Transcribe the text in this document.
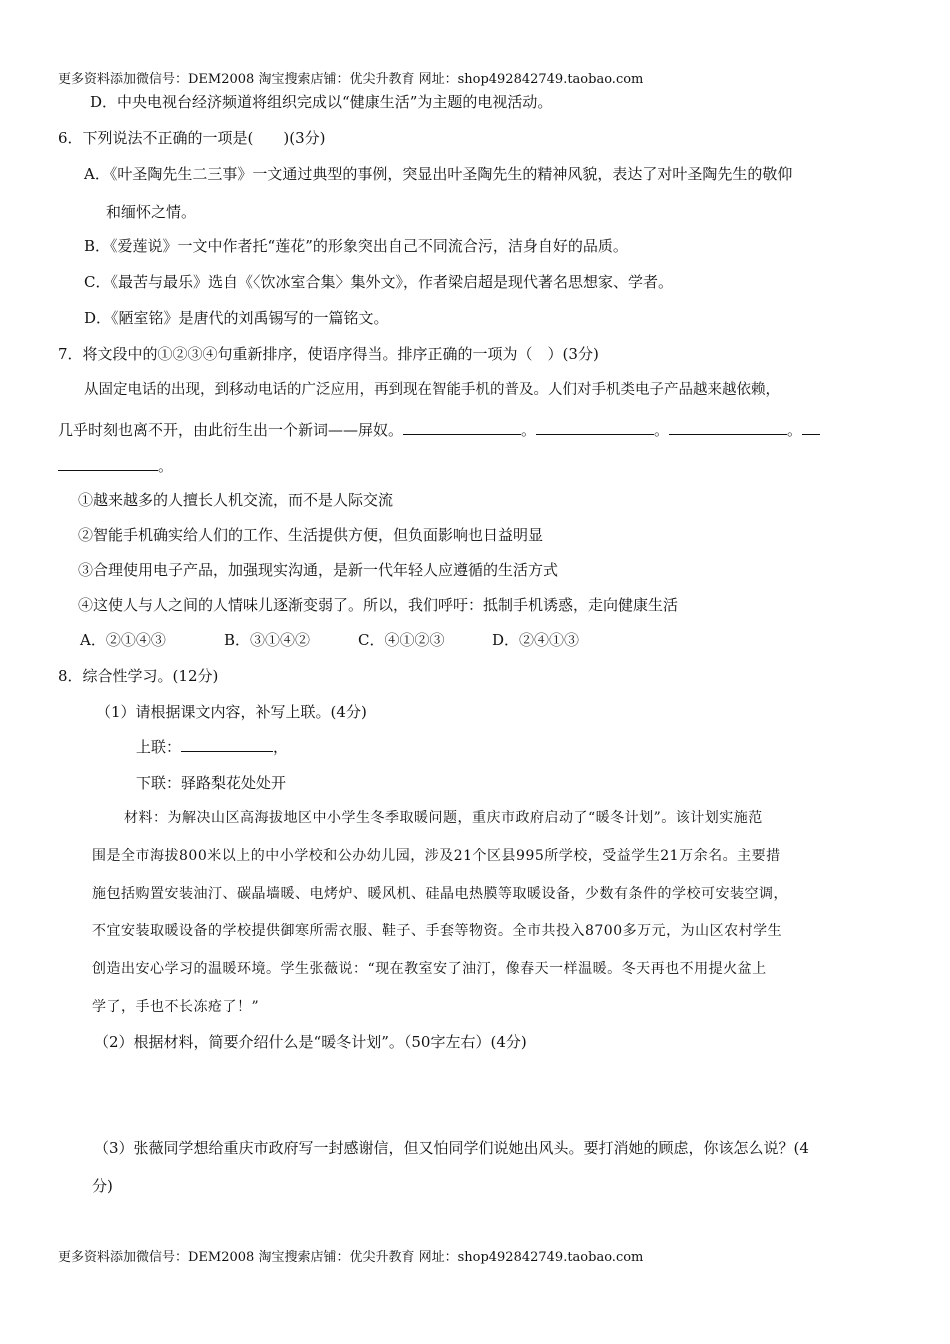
更多资料添加微信号：DEM2008 淘宝搜索店铺：优尖升教育 网址：shop492842749.taobao.com
D．中央电视台经济频道将组织完成以“健康生活”为主题的电视活动。
6．下列说法不正确的一项是(　　)(3分)
A．《叶圣陶先生二三事》一文通过典型的事例，突显出叶圣陶先生的精神风貌，表达了对叶圣陶先生的敬仰
和缅怀之情。
B．《爱莲说》一文中作者托“莲花”的形象突出自己不同流合污，洁身自好的品质。
C．《最苦与最乐》选自《〈饮冰室合集〉集外文》，作者梁启超是现代著名思想家、学者。
D．《陋室铭》是唐代的刘禹锡写的一篇铭文。
7．将文段中的①②③④句重新排序，使语序得当。排序正确的一项为（　）(3分)
从固定电话的出现，到移动电话的广泛应用，再到现在智能手机的普及。人们对手机类电子产品越来越依赖，
几乎时刻也离不开，由此衍生出一个新词——屏奴。	。	。	。
。
①越来越多的人擅长人机交流，而不是人际交流
②智能手机确实给人们的工作、生活提供方便，但负面影响也日益明显
③合理使用电子产品，加强现实沟通，是新一代年轻人应遵循的生活方式
④这使人与人之间的人情味儿逐渐变弱了。所以，我们呼吁：抵制手机诱惑，走向健康生活
A．②①④③	B．③①④②	C．④①②③	D．②④①③
8．综合性学习。(12分)
（1）请根据课文内容，补写上联。(4分)
上联：	，
下联：驿路梨花处处开
材料：为解决山区高海拔地区中小学生冬季取暖问题，重庆市政府启动了“暖冬计划”。该计划实施范
围是全市海拔800米以上的中小学校和公办幼儿园，涉及21个区县995所学校，受益学生21万余名。主要措
施包括购置安装油汀、碳晶墙暖、电烤炉、暖风机、硅晶电热膜等取暖设备，少数有条件的学校可安装空调，
不宜安装取暖设备的学校提供御寒所需衣服、鞋子、手套等物资。全市共投入8700多万元，为山区农村学生
创造出安心学习的温暖环境。学生张薇说：“现在教室安了油汀，像春天一样温暖。冬天再也不用提火盆上
学了，手也不长冻疮了！”
（2）根据材料，简要介绍什么是“暖冬计划”。（50字左右）(4分)
（3）张薇同学想给重庆市政府写一封感谢信，但又怕同学们说她出风头。要打消她的顾虑，你该怎么说？(4
分)
更多资料添加微信号：DEM2008 淘宝搜索店铺：优尖升教育 网址：shop492842749.taobao.com
